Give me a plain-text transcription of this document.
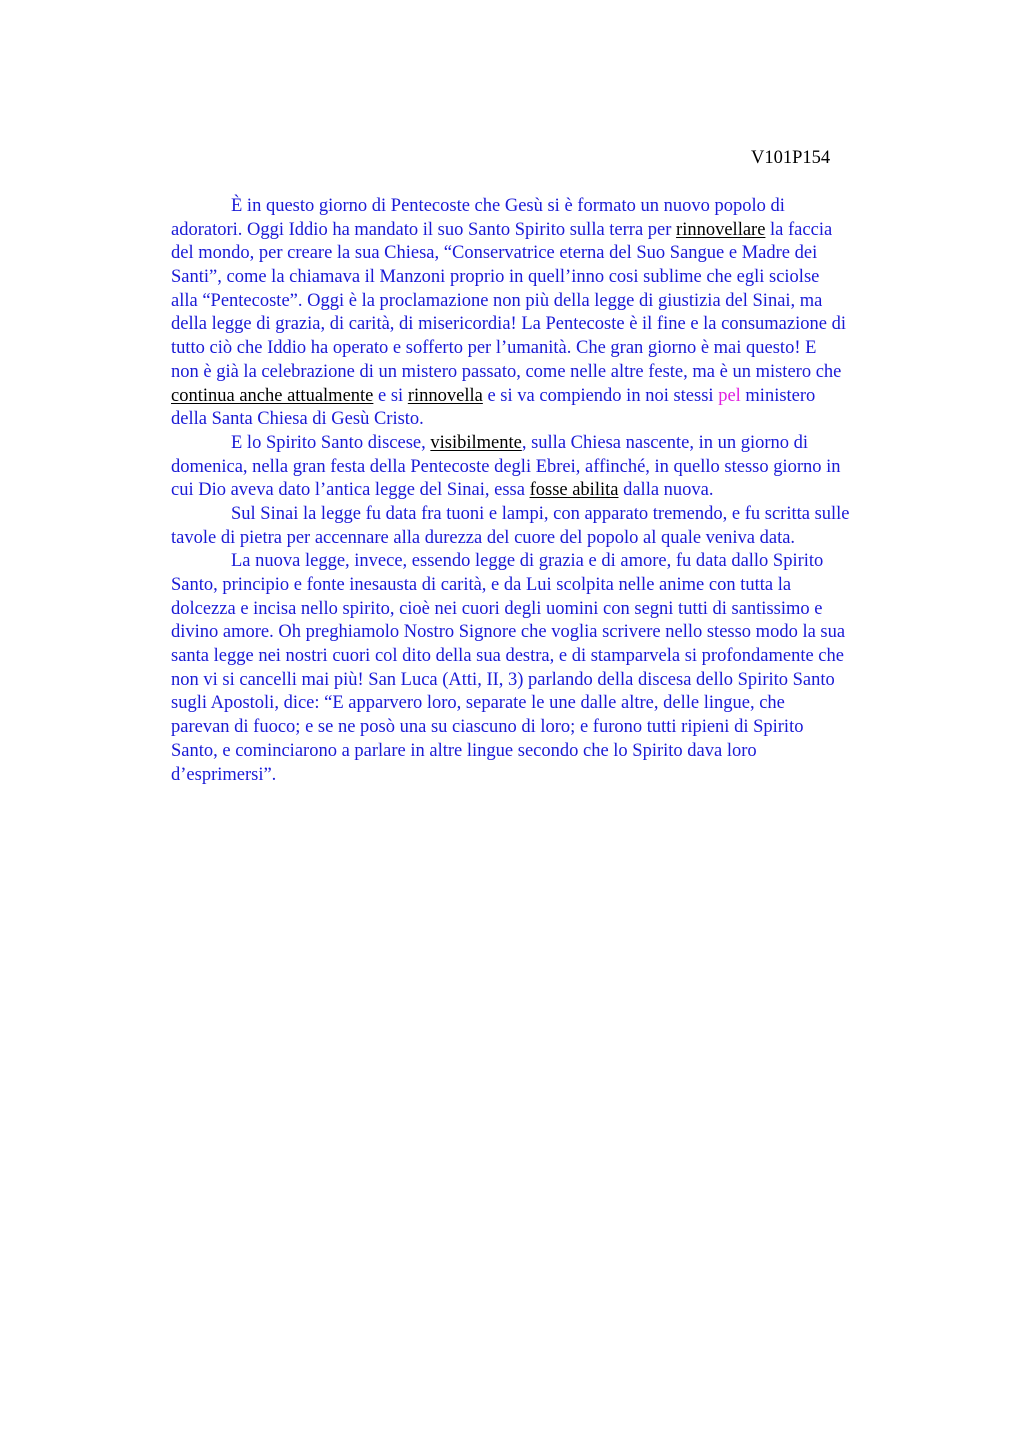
V101P154
È in questo giorno di Pentecoste che Gesù si è formato un nuovo popolo di
adoratori. Oggi Iddio ha mandato il suo Santo Spirito sulla terra per rinnovellare la faccia
del mondo, per creare la sua Chiesa, “Conservatrice eterna del Suo Sangue e Madre dei
Santi”, come la chiamava il Manzoni proprio in quell’inno cosi sublime che egli sciolse
alla “Pentecoste”. Oggi è la proclamazione non più della legge di giustizia del Sinai, ma
della legge di grazia, di carità, di misericordia! La Pentecoste è il fine e la consumazione di
tutto ciò che Iddio ha operato e sofferto per l’umanità. Che gran giorno è mai questo! E
non è già la celebrazione di un mistero passato, come nelle altre feste, ma è un mistero che
continua anche attualmente e si rinnovella e si va compiendo in noi stessi pel ministero
della Santa Chiesa di Gesù Cristo.
E lo Spirito Santo discese, visibilmente, sulla Chiesa nascente, in un giorno di
domenica, nella gran festa della Pentecoste degli Ebrei, affinché, in quello stesso giorno in
cui Dio aveva dato l’antica legge del Sinai, essa fosse abilita dalla nuova.
Sul Sinai la legge fu data fra tuoni e lampi, con apparato tremendo, e fu scritta sulle
tavole di pietra per accennare alla durezza del cuore del popolo al quale veniva data.
La nuova legge, invece, essendo legge di grazia e di amore, fu data dallo Spirito
Santo, principio e fonte inesausta di carità, e da Lui scolpita nelle anime con tutta la
dolcezza e incisa nello spirito, cioè nei cuori degli uomini con segni tutti di santissimo e
divino amore. Oh preghiamolo Nostro Signore che voglia scrivere nello stesso modo la sua
santa legge nei nostri cuori col dito della sua destra, e di stamparvela si profondamente che
non vi si cancelli mai più! San Luca (Atti, II, 3) parlando della discesa dello Spirito Santo
sugli Apostoli, dice: “E apparvero loro, separate le une dalle altre, delle lingue, che
parevan di fuoco; e se ne posò una su ciascuno di loro; e furono tutti ripieni di Spirito
Santo, e cominciarono a parlare in altre lingue secondo che lo Spirito dava loro
d’esprimersi”.
